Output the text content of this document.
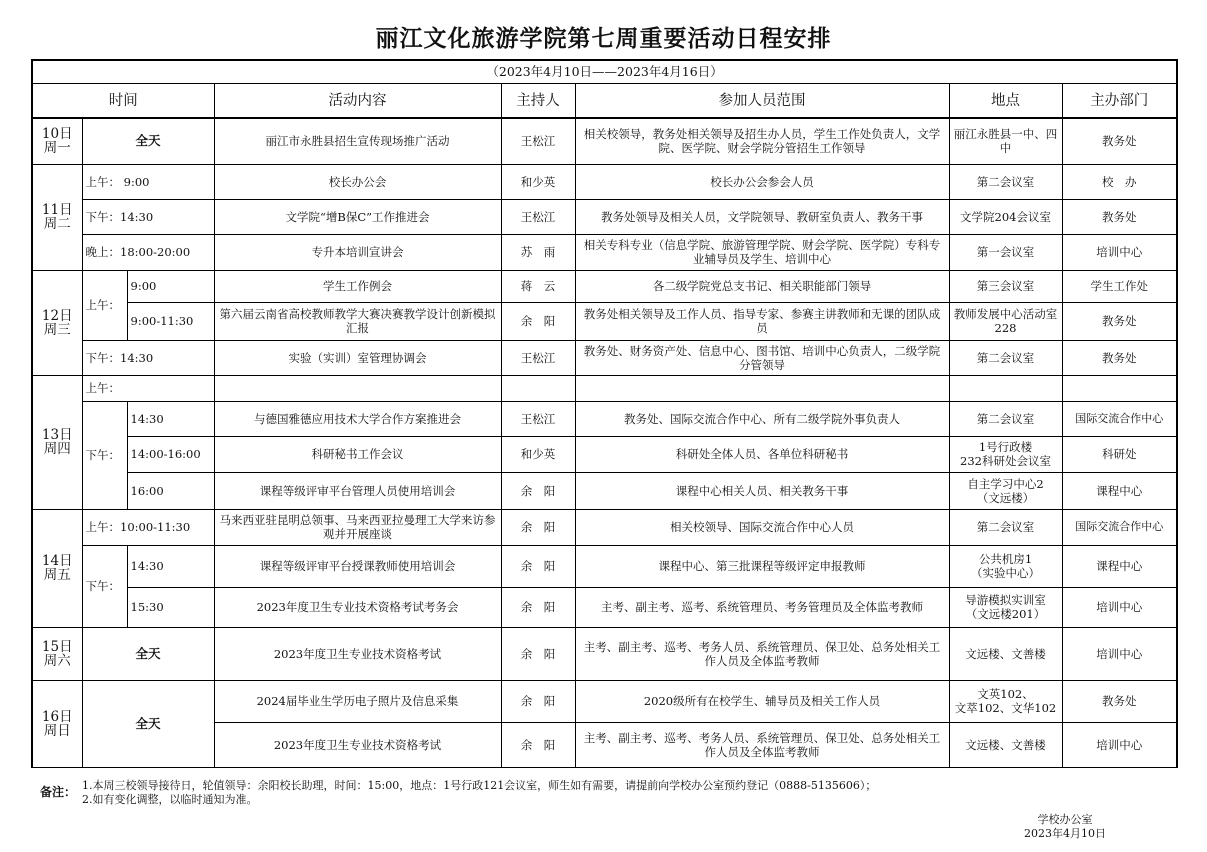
丽江文化旅游学院第七周重要活动日程安排
（2023年4月10日——2023年4月16日）							
时间			活动内容	主持人	参加人员范围	地点	主办部门
10日
周一	全天		丽江市永胜县招生宣传现场推广活动	王松江	相关校领导，教务处相关领导及招生办人员，学生工作处负责人，文学院、医学院、财会学院分管招生工作领导	丽江永胜县一中、四中	教务处
11日
周二	上午： 9:00		校长办公会	和少英	校长办公会参会人员	第二会议室	校　办
	下午：14:30		文学院“增B保C”工作推进会	王松江	教务处领导及相关人员，文学院领导、教研室负责人、教务干事	文学院204会议室	教务处
	晚上：18:00-20:00		专升本培训宣讲会	苏　雨	相关专科专业（信息学院、旅游管理学院、财会学院、医学院）专科专业辅导员及学生、培训中心	第一会议室	培训中心
12日
周三	上午：	9:00	学生工作例会	蒋　云	各二级学院党总支书记、相关职能部门领导	第三会议室	学生工作处
		9:00-11:30	第六届云南省高校教师教学大赛决赛教学设计创新模拟汇报	余　阳	教务处相关领导及工作人员、指导专家、参赛主讲教师和无课的团队成员	教师发展中心活动室228	教务处
	下午：14:30		实验（实训）室管理协调会	王松江	教务处、财务资产处、信息中心、图书馆、培训中心负责人，二级学院分管领导	第二会议室	教务处
13日
周四	上午：						
	下午：	14:30	与德国雅德应用技术大学合作方案推进会	王松江	教务处、国际交流合作中心、所有二级学院外事负责人	第二会议室	国际交流合作中心
		14:00-16:00	科研秘书工作会议	和少英	科研处全体人员、各单位科研秘书	1号行政楼
232科研处会议室	科研处
		16:00	课程等级评审平台管理人员使用培训会	余　阳	课程中心相关人员、相关教务干事	自主学习中心2
（文远楼）	课程中心
14日
周五	上午：10:00-11:30		马来西亚驻昆明总领事、马来西亚拉曼理工大学来访参观并开展座谈	余　阳	相关校领导、国际交流合作中心人员	第二会议室	国际交流合作中心
	下午：	14:30	课程等级评审平台授课教师使用培训会	余　阳	课程中心、第三批课程等级评定申报教师	公共机房1
（实验中心）	课程中心
		15:30	2023年度卫生专业技术资格考试考务会	余　阳	主考、副主考、巡考、系统管理员、考务管理员及全体监考教师	导游模拟实训室
（文远楼201）	培训中心
15日
周六	全天		2023年度卫生专业技术资格考试	余　阳	主考、副主考、巡考、考务人员、系统管理员、保卫处、总务处相关工作人员及全体监考教师	文远楼、文善楼	培训中心
16日
周日	全天		2024届毕业生学历电子照片及信息采集	余　阳	2020级所有在校学生、辅导员及相关工作人员	文英102、
文萃102、文华102	教务处
			2023年度卫生专业技术资格考试	余　阳	主考、副主考、巡考、考务人员、系统管理员、保卫处、总务处相关工作人员及全体监考教师	文远楼、文善楼	培训中心
备注： 1.本周三校领导接待日，轮值领导：余阳校长助理，时间：15:00，地点：1号行政121会议室，师生如有需要，请提前向学校办公室预约登记（0888-5135606）；
2.如有变化调整，以临时通知为准。
学校办公室
2023年4月10日
